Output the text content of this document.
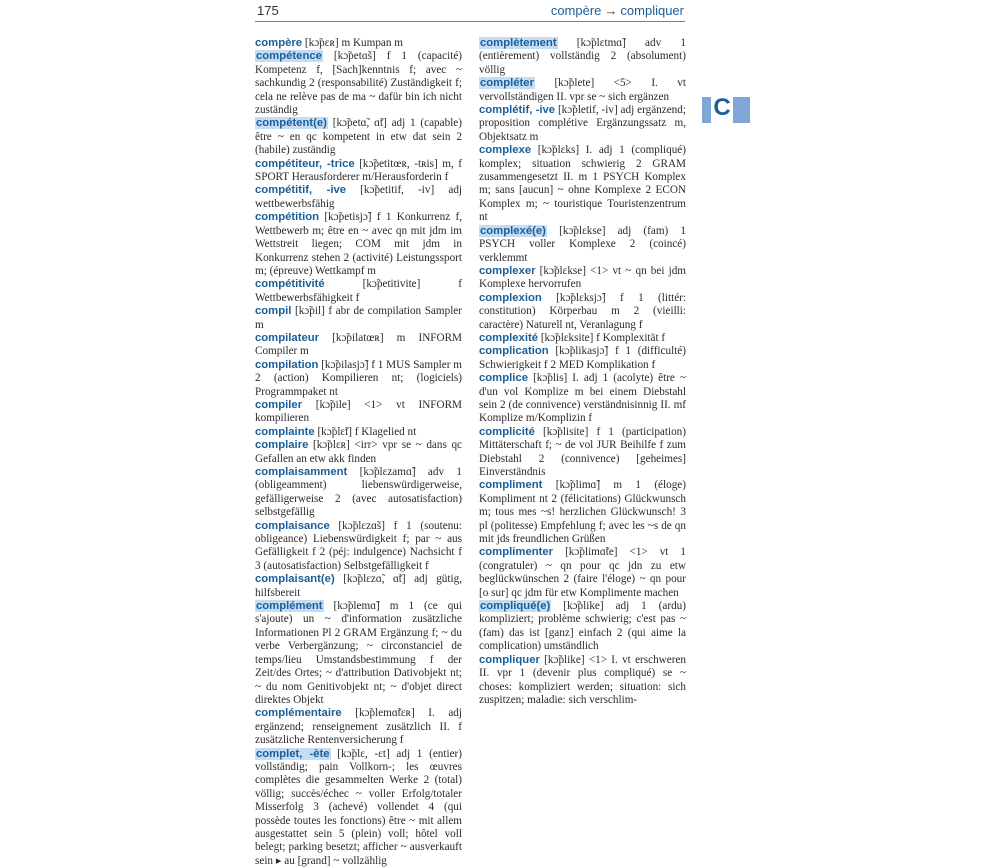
175	compère → compliquer
C

compère [kɔ̃pɛʀ] m Kumpan m

compétence [kɔ̃petɑ̃s] f 1 (capacité) Kompetenz f, [Sach]kenntnis f; avec ~ sachkundig 2 (responsabilité) Zuständigkeit f; cela ne relève pas de ma ~ dafür bin ich nicht zuständig

compétent(e) [kɔ̃petɑ̃, ɑ̃t] adj 1 (capable) être ~ en qc kompetent in etw dat sein 2 (habile) zuständig

compétiteur, -trice [kɔ̃petitœʀ, -tʀis] m, f SPORT Herausforderer m/Herausforderin f

compétitif, -ive [kɔ̃petitif, -iv] adj wettbewerbsfähig

compétition [kɔ̃petisjɔ̃] f 1 Konkurrenz f, Wettbewerb m; être en ~ avec qn mit jdm im Wettstreit liegen; COM mit jdm in Konkurrenz stehen 2 (activité) Leistungssport m; (épreuve) Wettkampf m

compétitivité	[kɔ̃petitivite] f Wettbewerbsfähigkeit f

compil [kɔ̃pil] f abr de compilation Sampler m

compilateur [kɔ̃pilatœʀ] m INFORM Compiler m

compilation [kɔ̃pilasjɔ̃] f 1 MUS Sampler m 2 (action) Kompilieren nt; (logiciels) Programmpaket nt

compiler [kɔ̃pile] <1> vt INFORM kompilieren

complainte [kɔ̃plɛ̃t] f Klagelied nt

complaire [kɔ̃plɛʀ] <irr> vpr se ~ dans qc Gefallen an etw akk finden

complaisamment [kɔ̃plɛzamɑ̃] adv 1 (obligeamment) liebenswürdigerweise, gefälligerweise 2 (avec autosatisfaction) selbstgefällig

complaisance [kɔ̃plɛzɑ̃s] f 1 (soutenu: obligeance) Liebenswürdigkeit f; par ~ aus Gefälligkeit f 2 (péj: indulgence) Nachsicht f 3 (autosatisfaction) Selbstgefälligkeit f

complaisant(e) [kɔ̃plɛzɑ̃, ɑ̃t] adj gütig, hilfsbereit

complément [kɔ̃plemɑ̃] m 1 (ce qui s'ajoute) un ~ d'information zusätzliche Informationen Pl 2 GRAM Ergänzung f; ~ du verbe Verbergänzung; ~ circonstanciel de temps/lieu Umstandsbestimmung f der Zeit/des Ortes; ~ d'attribution Dativobjekt nt; ~ du nom Genitivobjekt nt; ~ d'objet direct direktes Objekt

complémentaire [kɔ̃plemɑ̃tɛʀ] I. adj ergänzend; renseignement zusätzlich II. f zusätzliche Rentenversicherung f

complet, -ète [kɔ̃plɛ, -ɛt] adj 1 (entier) vollständig; pain Vollkorn-; les œuvres complètes die gesammelten Werke 2 (total) völlig; succès/échec ~ voller Erfolg/totaler Misserfolg 3 (achevé) vollendet 4 (qui possède toutes les fonctions) être ~ mit allem ausgestattet sein 5 (plein) voll; hôtel voll belegt; parking besetzt; afficher ~ ausverkauft sein ▸ au [grand] ~ vollzählig

complètement [kɔ̃plɛtmɑ̃] adv 1 (entièrement) vollständig 2 (absolument) völlig

compléter [kɔ̃plete] <5> I. vt vervollständigen II. vpr se ~ sich ergänzen

complétif, -ive [kɔ̃pletif, -iv] adj ergänzend; proposition complétive Ergänzungssatz m, Objektsatz m

complexe [kɔ̃plɛks] I. adj 1 (compliqué) komplex; situation schwierig 2 GRAM zusammengesetzt II. m 1 PSYCH Komplex m; sans [aucun] ~ ohne Komplexe 2 ECON Komplex m; ~ touristique Touristenzentrum nt

complexé(e) [kɔ̃plɛkse] adj (fam) 1 PSYCH voller Komplexe 2 (coincé) verklemmt

complexer [kɔ̃plɛkse] <1> vt ~ qn bei jdm Komplexe hervorrufen

complexion [kɔ̃plɛksjɔ̃] f 1 (littér: constitution) Körperbau m 2 (vieilli: caractère) Naturell nt, Veranlagung f

complexité [kɔ̃plɛksite] f Komplexität f

complication [kɔ̃plikasjɔ̃] f 1 (difficulté) Schwierigkeit f 2 MED Komplikation f

complice [kɔ̃plis] I. adj 1 (acolyte) être ~ d'un vol Komplize m bei einem Diebstahl sein 2 (de connivence) verständnisinnig II. mf Komplize m/Komplizin f

complicité [kɔ̃plisite] f 1 (participation) Mittäterschaft f; ~ de vol JUR Beihilfe f zum Diebstahl 2 (connivence) [geheimes] Einverständnis

compliment [kɔ̃plimɑ̃] m 1 (éloge) Kompliment nt 2 (félicitations) Glückwunsch m; tous mes ~s! herzlichen Glückwunsch! 3 pl (politesse) Empfehlung f; avec les ~s de qn mit jds freundlichen Grüßen

complimenter [kɔ̃plimɑ̃te] <1> vt 1 (congratuler) ~ qn pour qc jdn zu etw beglückwünschen 2 (faire l'éloge) ~ qn pour [o sur] qc jdm für etw Komplimente machen

compliqué(e) [kɔ̃plike] adj 1 (ardu) kompliziert; problème schwierig; c'est pas ~ (fam) das ist [ganz] einfach 2 (qui aime la complication) umständlich

compliquer [kɔ̃plike] <1> I. vt erschweren II. vpr 1 (devenir plus compliqué) se ~ choses: kompliziert werden; situation: sich zuspitzen; maladie: sich verschlim-
